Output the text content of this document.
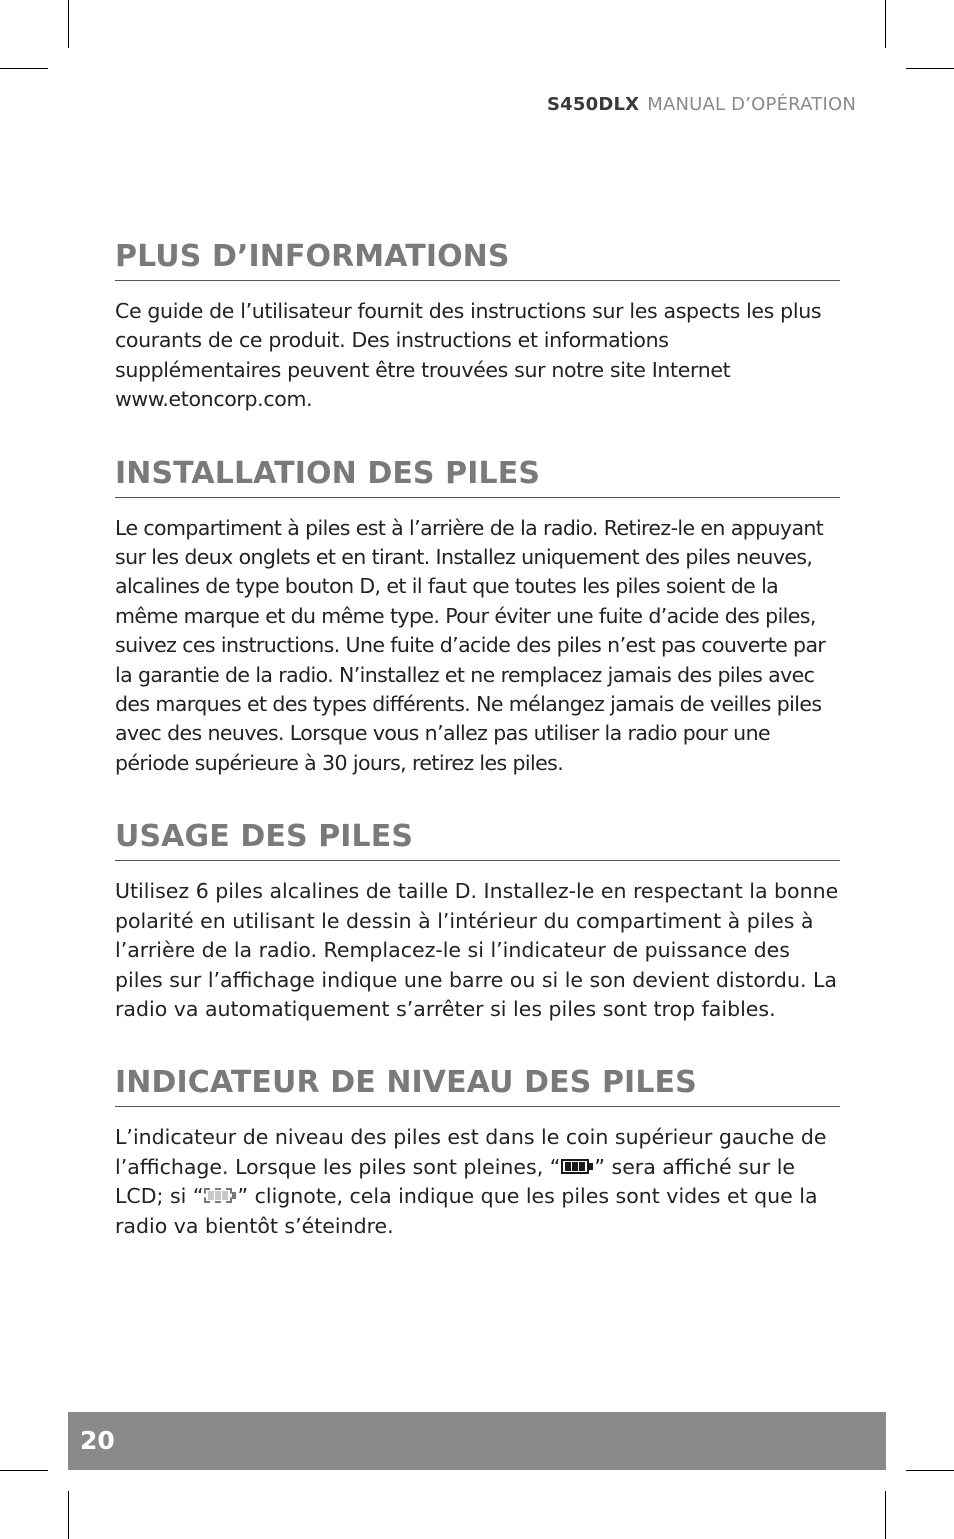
S450DLX MANUAL D’OPÉRATION
PLUS D’INFORMATIONS

Ce guide de l’utilisateur fournit des instructions sur les aspects les plus courants de ce produit. Des instructions et informations supplémentaires peuvent être trouvées sur notre site Internet www.etoncorp.com.

INSTALLATION DES PILES

Le compartiment à piles est à l’arrière de la radio. Retirez-le en appuyant sur les deux onglets et en tirant. Installez uniquement des piles neuves, alcalines de type bouton D, et il faut que toutes les piles soient de la même marque et du même type. Pour éviter une fuite d’acide des piles, suivez ces instructions. Une fuite d’acide des piles n’est pas couverte par la garantie de la radio. N’installez et ne remplacez jamais des piles avec des marques et des types différents. Ne mélangez jamais de veilles piles avec des neuves. Lorsque vous n’allez pas utiliser la radio pour une période supérieure à 30 jours, retirez les piles.

USAGE DES PILES

Utilisez 6 piles alcalines de taille D. Installez-le en respectant la bonne polarité en utilisant le dessin à l’intérieur du compartiment à piles à l’arrière de la radio. Remplacez-le si l’indicateur de puissance des piles sur l’affichage indique une barre ou si le son devient distordu. La radio va automatiquement s’arrêter si les piles sont trop faibles.

INDICATEUR DE NIVEAU DES PILES

L’indicateur de niveau des piles est dans le coin supérieur gauche de l’affichage. Lorsque les piles sont pleines, “ ” sera affiché sur le LCD; si “ ” clignote, cela indique que les piles sont vides et que la radio va bientôt s’éteindre.

20
